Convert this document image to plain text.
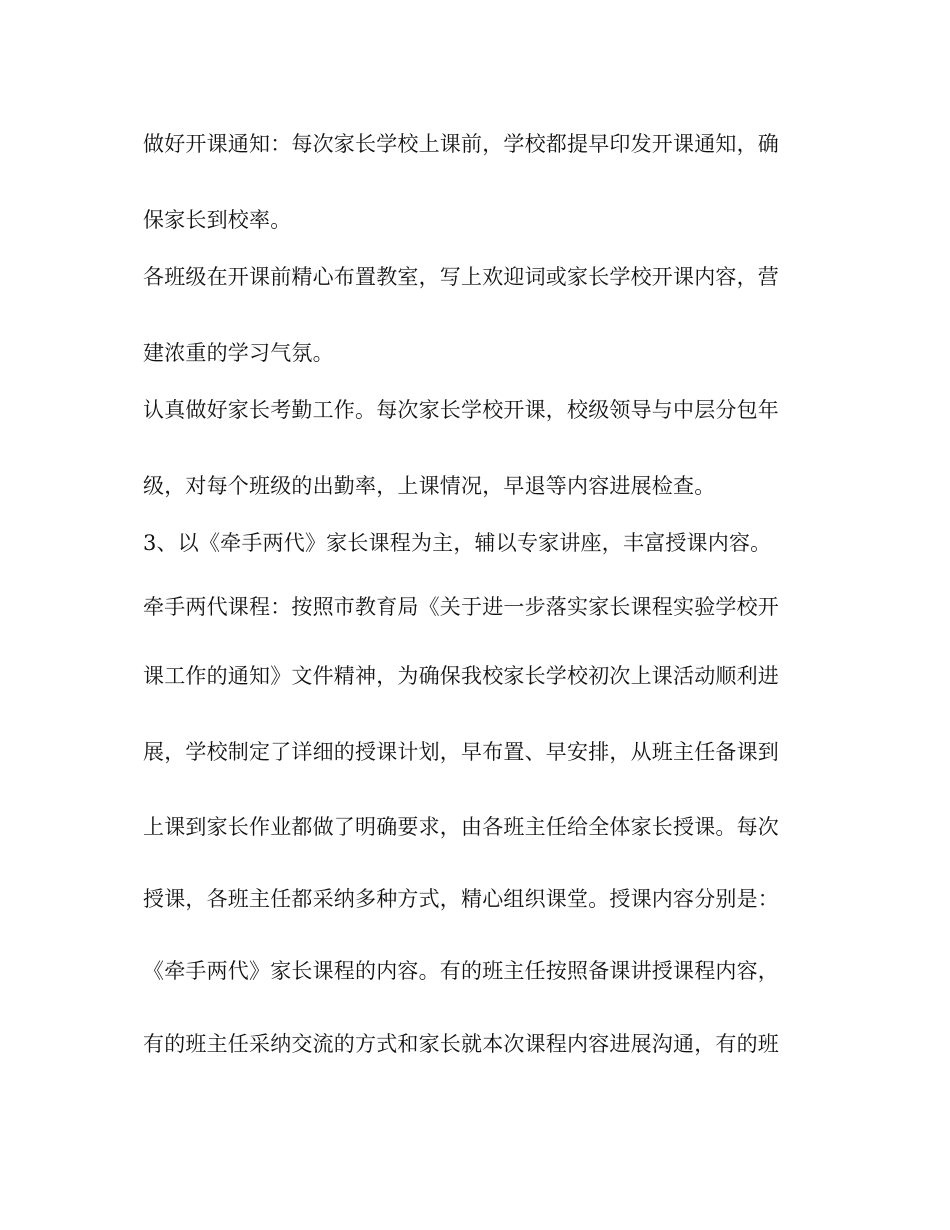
做好开课通知：每次家长学校上课前，学校都提早印发开课通知，确
保家长到校率。
各班级在开课前精心布置教室，写上欢迎词或家长学校开课内容，营
建浓重的学习气氛。
认真做好家长考勤工作。每次家长学校开课，校级领导与中层分包年
级，对每个班级的出勤率，上课情况，早退等内容进展检查。
3、以《牵手两代》家长课程为主，辅以专家讲座，丰富授课内容。
牵手两代课程：按照市教育局《关于进一步落实家长课程实验学校开
课工作的通知》文件精神，为确保我校家长学校初次上课活动顺利进
展，学校制定了详细的授课计划，早布置、早安排，从班主任备课到
上课到家长作业都做了明确要求，由各班主任给全体家长授课。每次
授课，各班主任都采纳多种方式，精心组织课堂。授课内容分别是：
《牵手两代》家长课程的内容。有的班主任按照备课讲授课程内容，
有的班主任采纳交流的方式和家长就本次课程内容进展沟通，有的班
